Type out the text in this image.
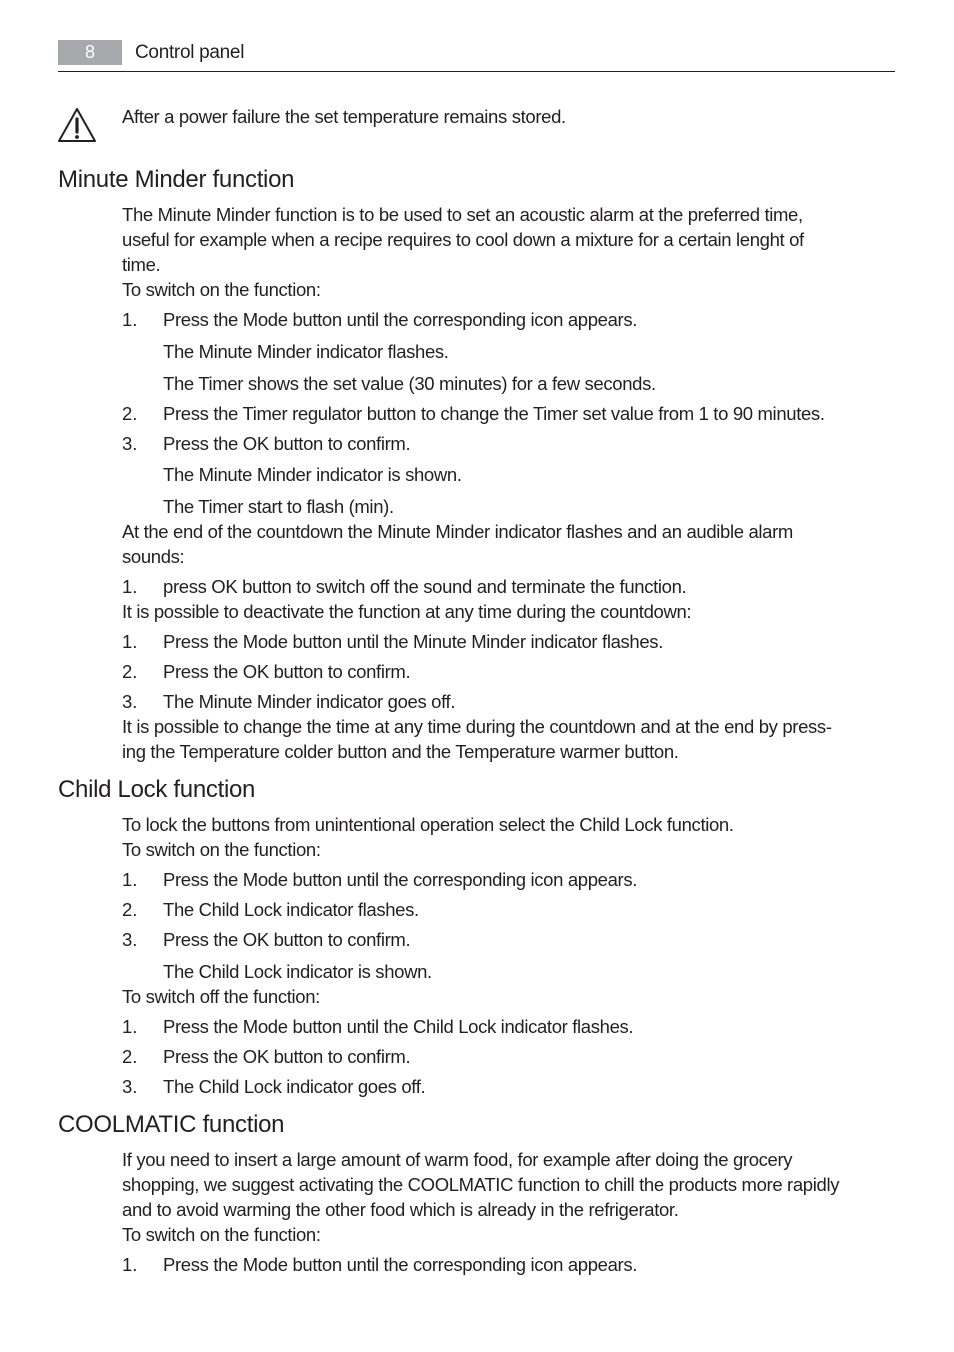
8	Control panel
After a power failure the set temperature remains stored.
Minute Minder function
The Minute Minder function is to be used to set an acoustic alarm at the preferred time,
useful for example when a recipe requires to cool down a mixture for a certain lenght of
time.
To switch on the function:
1. Press the Mode button until the corresponding icon appears.
The Minute Minder indicator flashes.
The Timer shows the set value (30 minutes) for a few seconds.
2. Press the Timer regulator button to change the Timer set value from 1 to 90 minutes.
3. Press the OK button to confirm.
The Minute Minder indicator is shown.
The Timer start to flash (min).
At the end of the countdown the Minute Minder indicator flashes and an audible alarm
sounds:
1. press OK button to switch off the sound and terminate the function.
It is possible to deactivate the function at any time during the countdown:
1. Press the Mode button until the Minute Minder indicator flashes.
2. Press the OK button to confirm.
3. The Minute Minder indicator goes off.
It is possible to change the time at any time during the countdown and at the end by press-
ing the Temperature colder button and the Temperature warmer button.
Child Lock function
To lock the buttons from unintentional operation select the Child Lock function.
To switch on the function:
1. Press the Mode button until the corresponding icon appears.
2. The Child Lock indicator flashes.
3. Press the OK button to confirm.
The Child Lock indicator is shown.
To switch off the function:
1. Press the Mode button until the Child Lock indicator flashes.
2. Press the OK button to confirm.
3. The Child Lock indicator goes off.
COOLMATIC function
If you need to insert a large amount of warm food, for example after doing the grocery
shopping, we suggest activating the COOLMATIC function to chill the products more rapidly
and to avoid warming the other food which is already in the refrigerator.
To switch on the function:
1. Press the Mode button until the corresponding icon appears.
